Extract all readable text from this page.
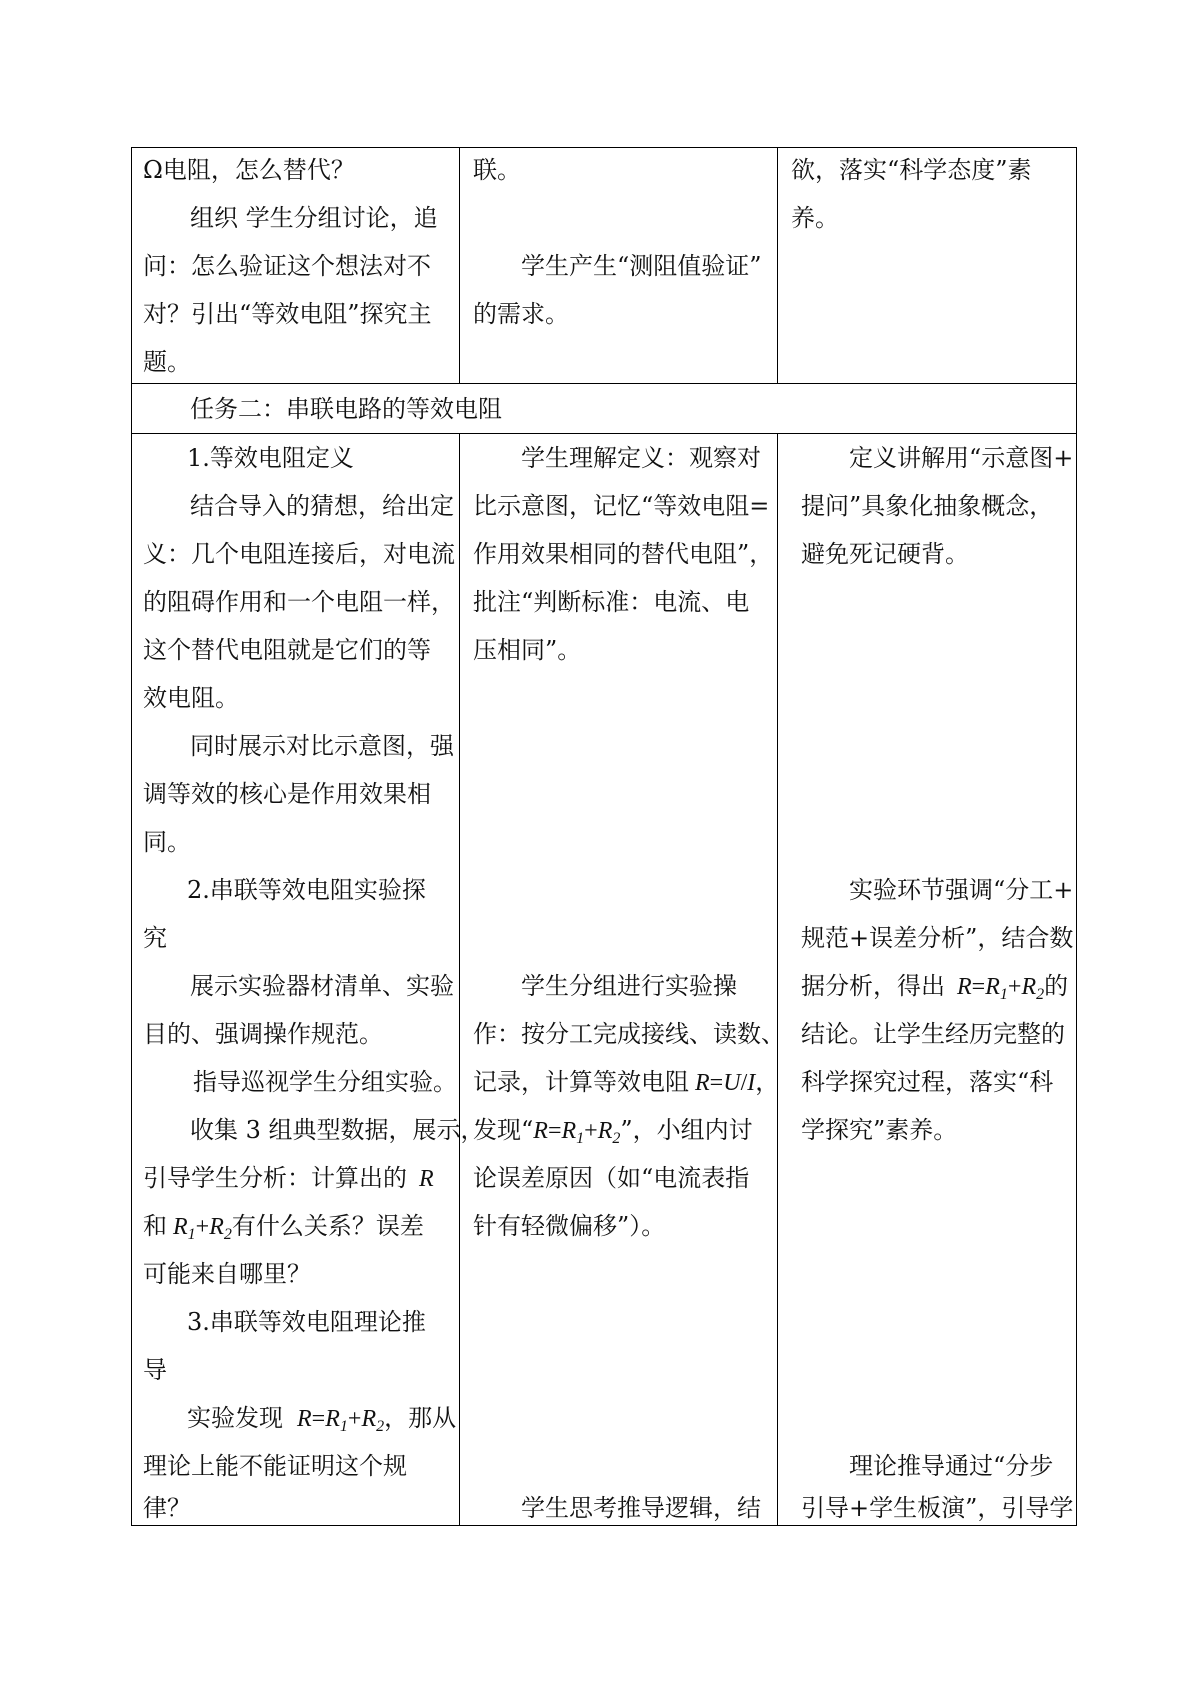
Ω电阻，怎么替代？
组织 学生分组讨论，追
问：怎么验证这个想法对不
对？引出“等效电阻”探究主
题。
联。
学生产生“测阻值验证”
的需求。
欲，落实“科学态度”素
养。
任务二：串联电路的等效电阻
1.等效电阻定义
结合导入的猜想，给出定
义：几个电阻连接后，对电流
的阻碍作用和一个电阻一样，
这个替代电阻就是它们的等
效电阻。
同时展示对比示意图，强
调等效的核心是作用效果相
同。
2.串联等效电阻实验探
究
展示实验器材清单、实验
目的、强调操作规范。
指导巡视学生分组实验。
收集 3 组典型数据，展示，
引导学生分析：计算出的 R
和 $R_1+R_2$有什么关系？误差
可能来自哪里？
3.串联等效电阻理论推
导
实验发现 $R=R_1+R_2$，那从
理论上能不能证明这个规
律？
学生理解定义：观察对
比示意图，记忆“等效电阻=
作用效果相同的替代电阻”，
批注“判断标准：电流、电
压相同”。
学生分组进行实验操
作：按分工完成接线、读数、
记录，计算等效电阻 R=U/I，
发现“$R=R_1+R_2$”，小组内讨
论误差原因（如“电流表指
针有轻微偏移”）。
学生思考推导逻辑，结
定义讲解用“示意图+
提问”具象化抽象概念，
避免死记硬背。
实验环节强调“分工+
规范+误差分析”，结合数
据分析，得出 $R=R_1+R_2$的
结论。让学生经历完整的
科学探究过程，落实“科
学探究”素养。
理论推导通过“分步
引导+学生板演”，引导学
